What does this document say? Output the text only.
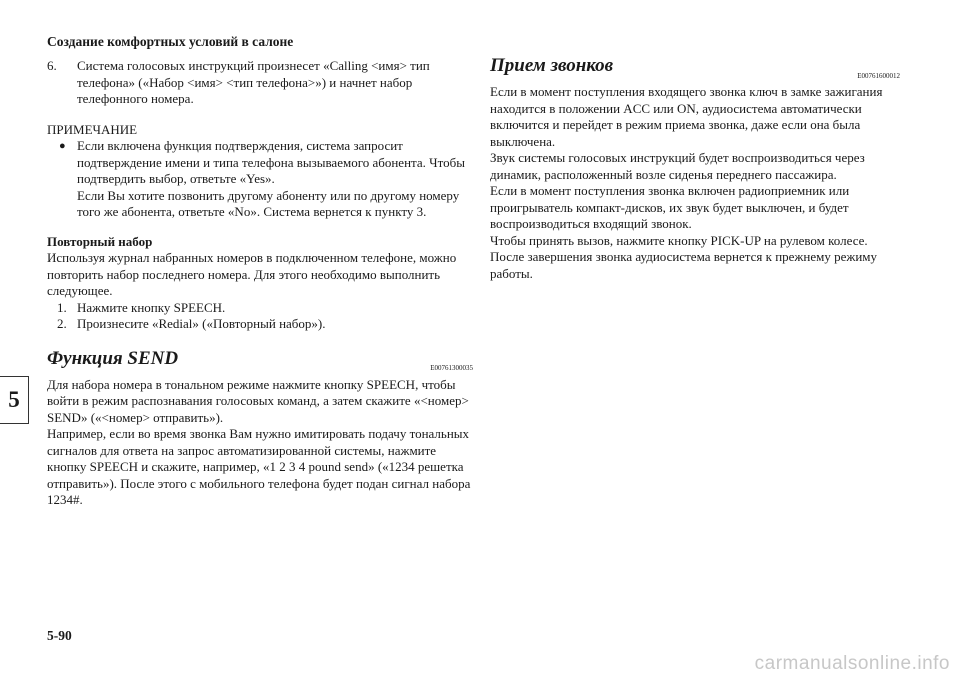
Создание комфортных условий в салоне
5
6.	Система голосовых инструкций произнесет «Calling <имя> тип телефона» («Набор <имя> <тип телефона>») и начнет набор телефонного номера.

ПРИМЕЧАНИЕ

● Если включена функция подтверждения, система запросит подтверждение имени и типа телефона вызываемого абонента. Чтобы подтвердить выбор, ответьте «Yes».

Если Вы хотите позвонить другому абоненту или по другому номеру того же абонента, ответьте «No». Система вернется к пункту 3.

Повторный набор

Используя журнал набранных номеров в подключенном телефоне, можно повторить набор последнего номера. Для этого необходимо выполнить следующее.

1. Нажмите кнопку SPEECH.

2. Произнесите «Redial» («Повторный набор»).

Функция SEND	E00761300035

Для набора номера в тональном режиме нажмите кнопку SPEECH, чтобы войти в режим распознавания голосовых команд, а затем скажите «<номер> SEND» («<номер> отправить»).

Например, если во время звонка Вам нужно имитировать подачу тональных сигналов для ответа на запрос автоматизированной системы, нажмите кнопку SPEECH и скажите, например, «1 2 3 4 pound send» («1234 решетка отправить»). После этого с мобильного телефона будет подан сигнал набора 1234#.

Прием звонков	E00761600012

Если в момент поступления входящего звонка ключ в замке зажигания находится в положении ACC или ON, аудиосистема автоматически включится и перейдет в режим приема звонка, даже если она была выключена.

Звук системы голосовых инструкций будет воспроизводиться через динамик, расположенный возле сиденья переднего пассажира.

Если в момент поступления звонка включен радиоприемник или проигрыватель компакт-дисков, их звук будет выключен, и будет воспроизводиться входящий звонок.

Чтобы принять вызов, нажмите кнопку PICK-UP на рулевом колесе.

После завершения звонка аудиосистема вернется к прежнему режиму работы.

5-90
carmanualsonline.info
